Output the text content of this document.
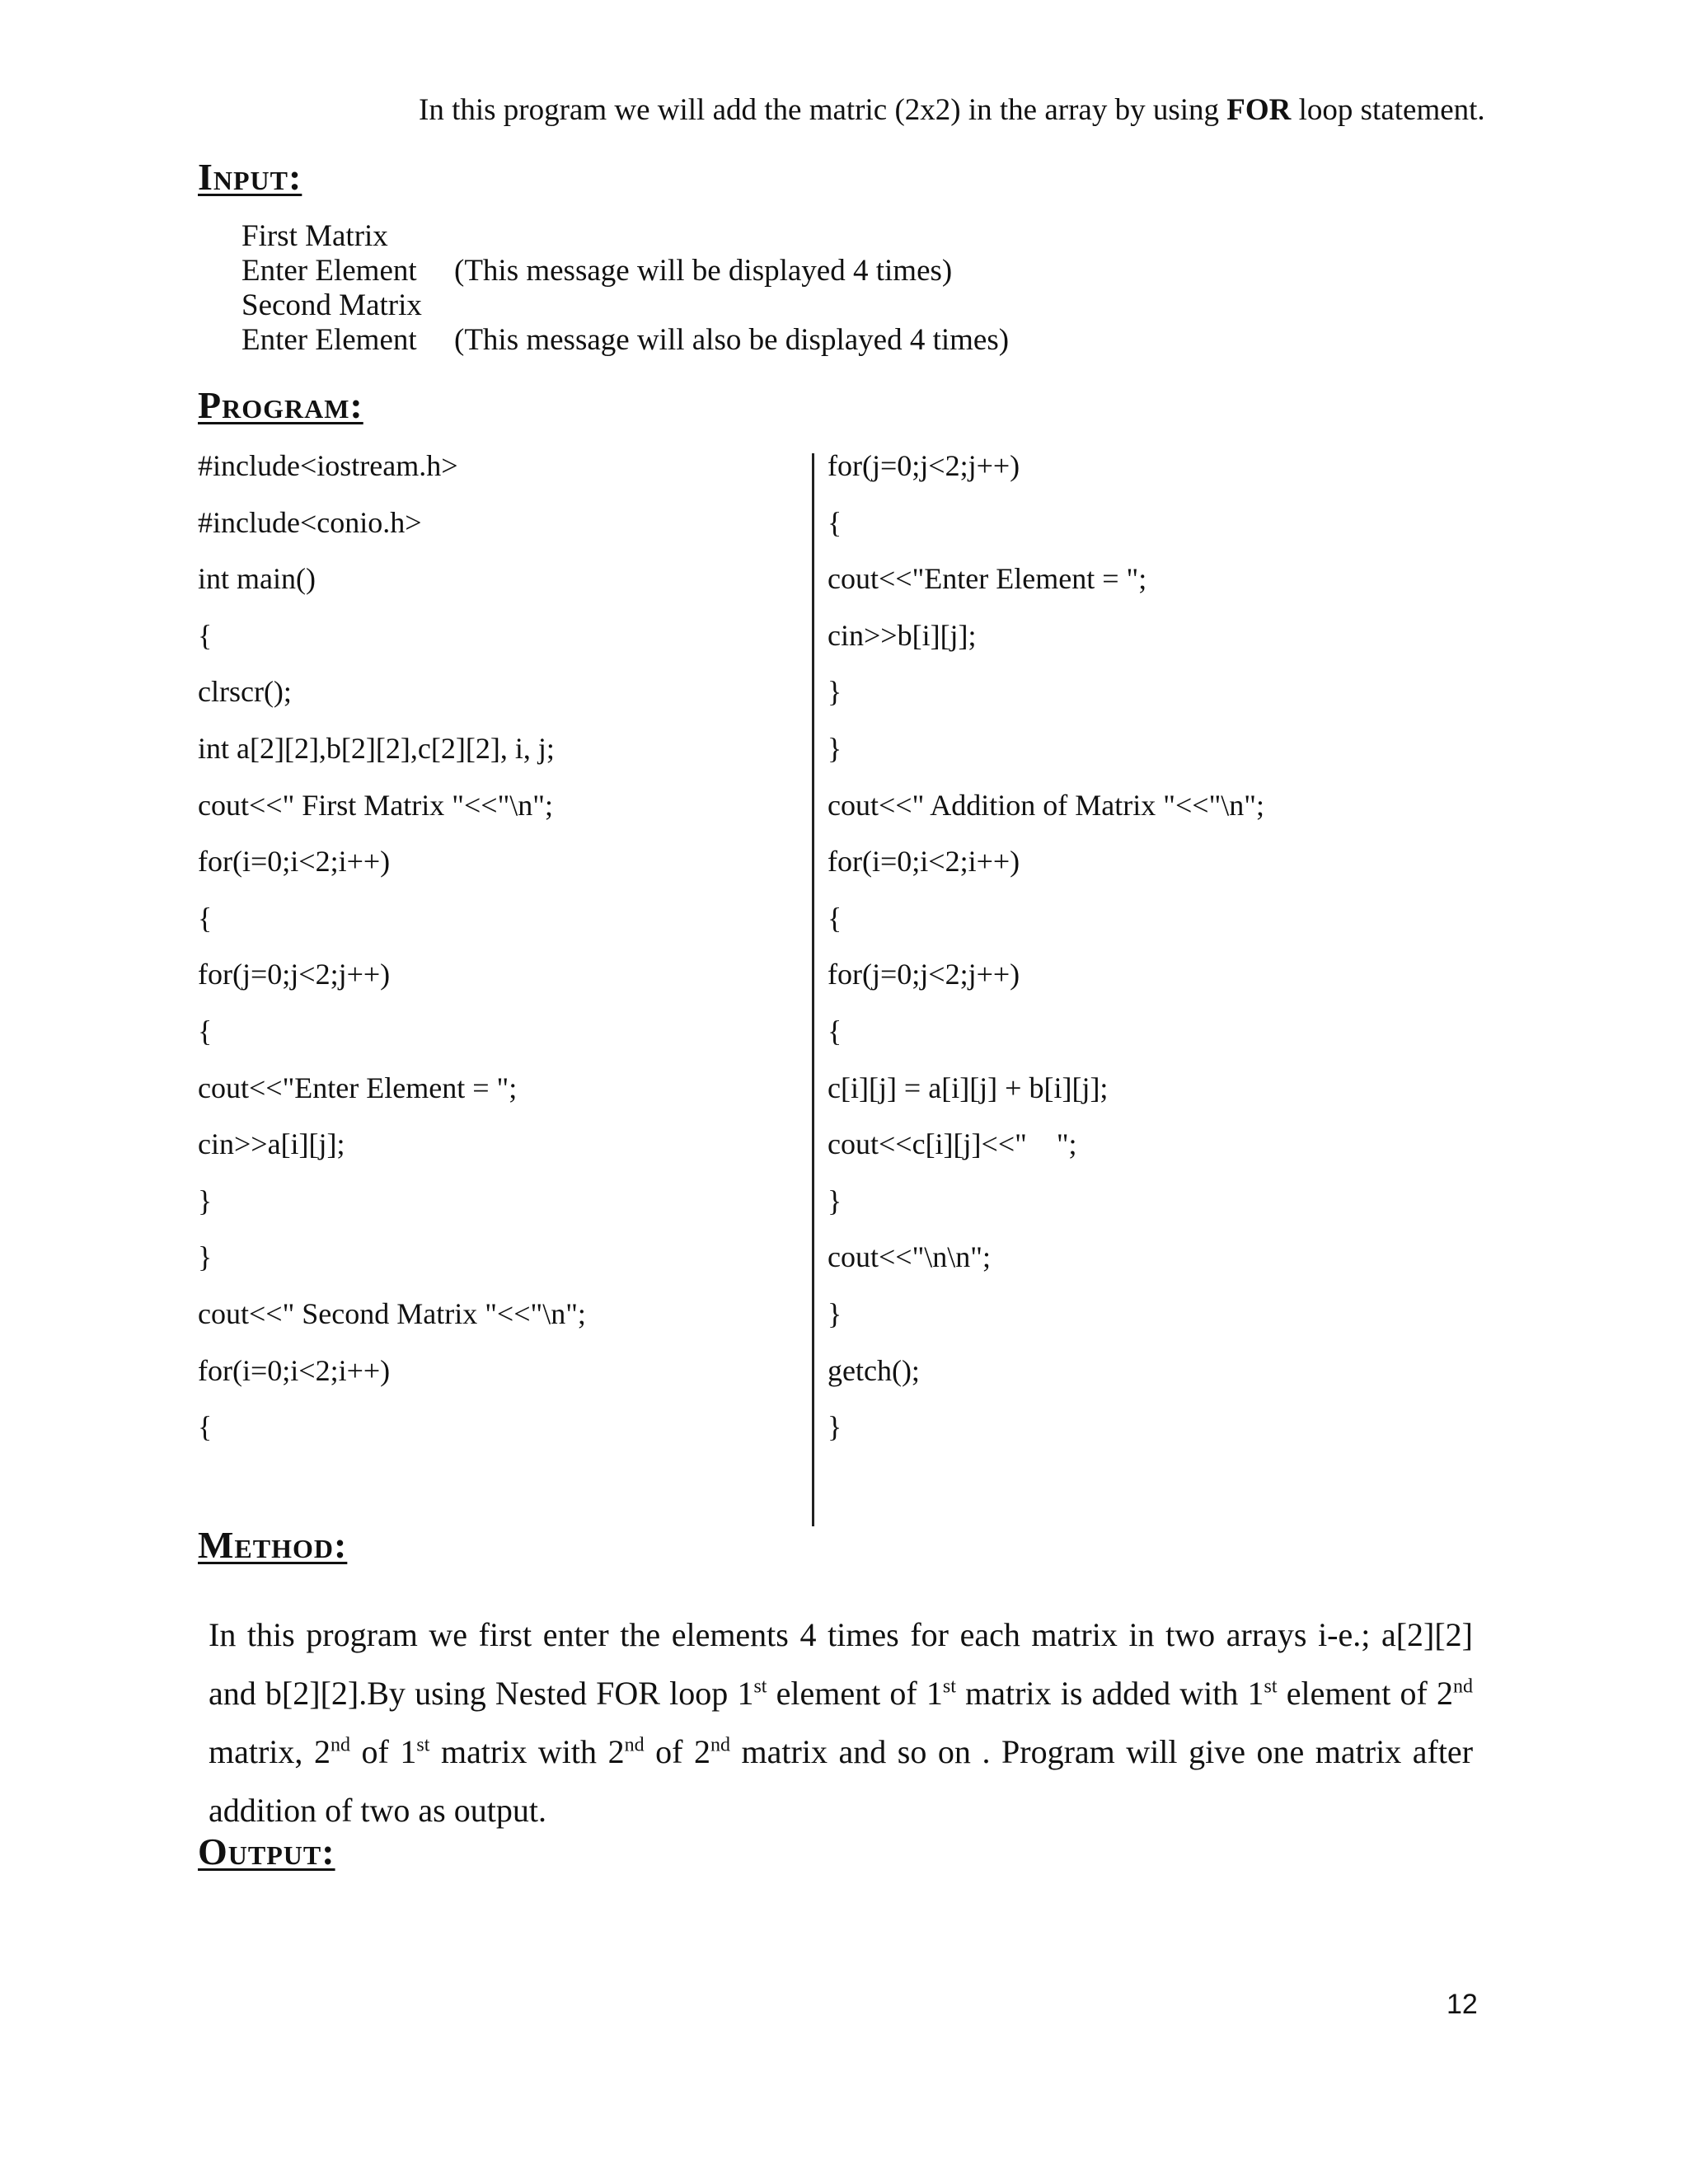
In this program we will add the matric (2x2) in the array by using FOR loop statement.
Input:
First Matrix
Enter Element (This message will be displayed 4 times)
Second Matrix
Enter Element (This message will also be displayed 4 times)
Program:
#include<iostream.h>
#include<conio.h>
int main()
{
clrscr();
int a[2][2],b[2][2],c[2][2], i, j;
cout<<" First Matrix "<<"\n";
for(i=0;i<2;i++)
{
for(j=0;j<2;j++)
{
cout<<"Enter Element = ";
cin>>a[i][j];
}
}
cout<<" Second Matrix "<<"\n";
for(i=0;i<2;i++)
{
for(j=0;j<2;j++)
{
cout<<"Enter Element = ";
cin>>b[i][j];
}
}
cout<<" Addition of Matrix "<<"\n";
for(i=0;i<2;i++)
{
for(j=0;j<2;j++)
{
c[i][j] = a[i][j] + b[i][j];
cout<<c[i][j]<<"    ";
}
cout<<"\n\n";
}
getch();
}
Method:
In this program we first enter the elements 4 times for each matrix in two arrays i-e.; a[2][2] and b[2][2].By using Nested FOR loop 1st element of 1st matrix is added with 1st element of 2nd matrix, 2nd of 1st matrix with 2nd of 2nd matrix and so on . Program will give one matrix after addition of two as output.
Output:
12
